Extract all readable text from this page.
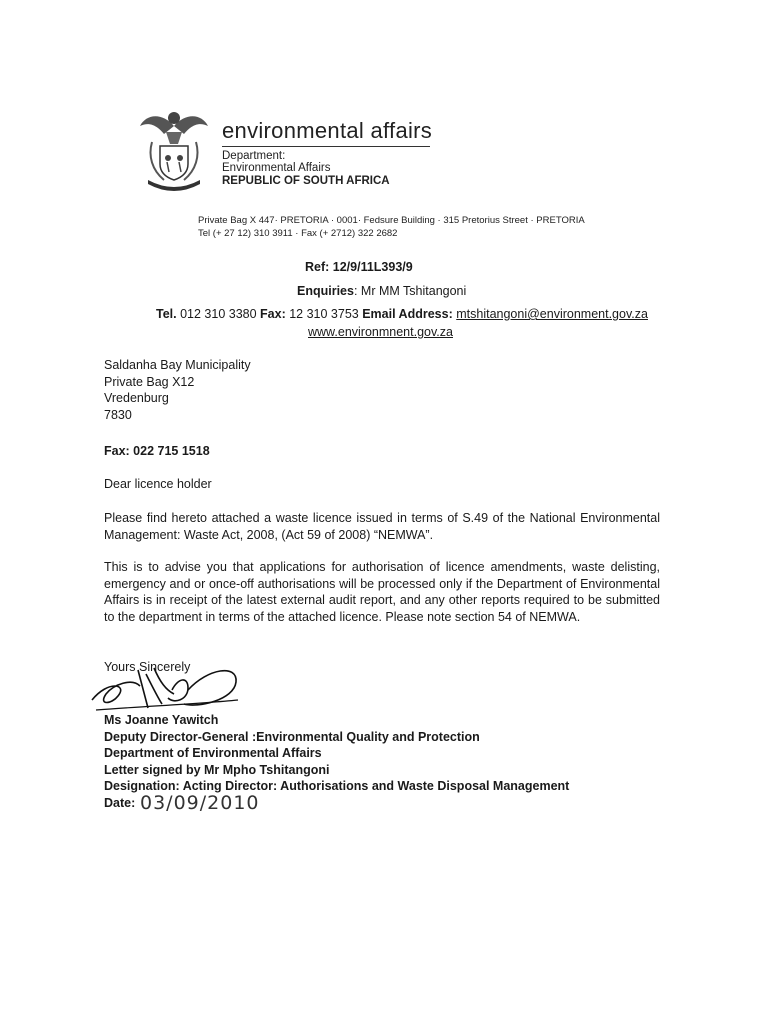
environmental affairs
Department:
Environmental Affairs
REPUBLIC OF SOUTH AFRICA
Private Bag X 447· PRETORIA · 0001· Fedsure Building · 315 Pretorius Street · PRETORIA
Tel (+ 27 12) 310 3911 · Fax (+ 2712) 322 2682
Ref: 12/9/11L393/9
Enquiries: Mr MM Tshitangoni
Tel. 012 310 3380 Fax: 12 310 3753 Email Address: mtshitangoni@environment.gov.za
www.environmnent.gov.za
Saldanha Bay Municipality
Private Bag X12
Vredenburg
7830
Fax: 022 715 1518
Dear licence holder
Please find hereto attached a waste licence issued in terms of S.49 of the National Environmental Management: Waste Act, 2008, (Act 59 of 2008) “NEMWA”.
This is to advise you that applications for authorisation of licence amendments, waste delisting, emergency and or once-off authorisations will be processed only if the Department of Environmental Affairs is in receipt of the latest external audit report, and any other reports required to be submitted to the department in terms of the attached licence. Please note section 54 of NEMWA.
Yours Sincerely
Ms Joanne Yawitch
Deputy Director-General :Environmental Quality and Protection
Department of Environmental Affairs
Letter signed by Mr Mpho Tshitangoni
Designation: Acting Director: Authorisations and Waste Disposal Management
Date: 03/09/2010
